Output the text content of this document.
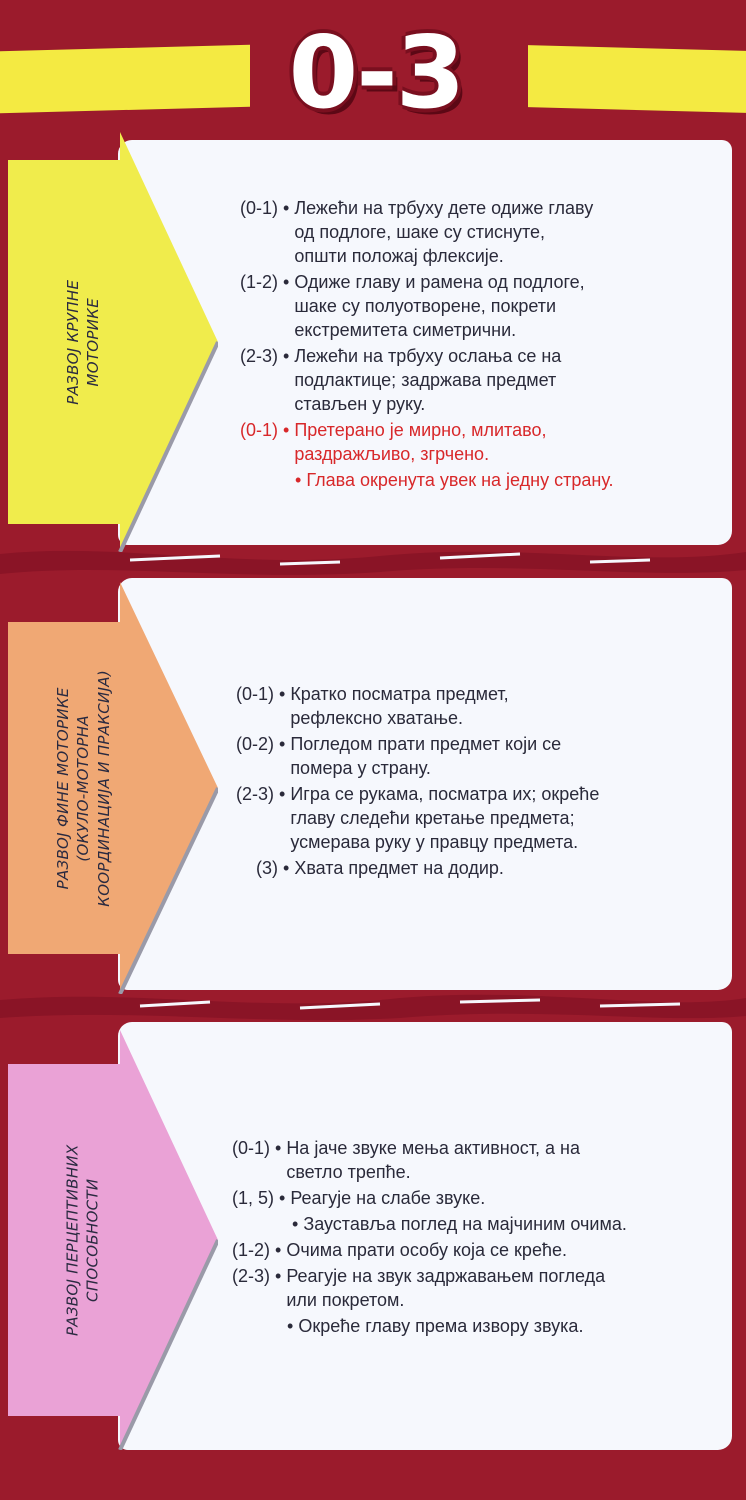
0-3
РАЗВОЈ КРУПНЕ МОТОРИКЕ
РАЗВОЈ ФИНЕ МОТОРИКЕ (ОКУЛО-МОТОРНА КООРДИНАЦИЈА И ПРАКСИЈА)
РАЗВОЈ ПЕРЦЕПТИВНИХ СПОСОБНОСТИ
(0-1) • Лежећи на трбуху дете одиже главу
од подлоге, шаке су стиснуте,
општи положај флексије.
(1-2) • Одиже главу и рамена од подлоге,
шаке су полуотворене, покрети
екстремитета симетрични.
(2-3) • Лежећи на трбуху ослања се на
подлактице; задржава предмет
стављен у руку.
(0-1) • Претерано је мирно, млитаво,
раздражљиво, згрчено.
• Глава окренута увек на једну страну.
(0-1) • Кратко посматра предмет,
рефлексно хватање.
(0-2) • Погледом прати предмет који се
помера у страну.
(2-3) • Игра се рукама, посматра их; окреће
главу следећи кретање предмета;
усмерава руку у правцу предмета.
(3) • Хвата предмет на додир.
(0-1) • На јаче звуке мења активност, а на
светло трепће.
(1, 5) • Реагује на слабе звуке.
• Зауставља поглед на мајчиним очима.
(1-2) • Очима прати особу која се креће.
(2-3) • Реагује на звук задржавањем погледа
или покретом.
• Окреће главу према извору звука.
